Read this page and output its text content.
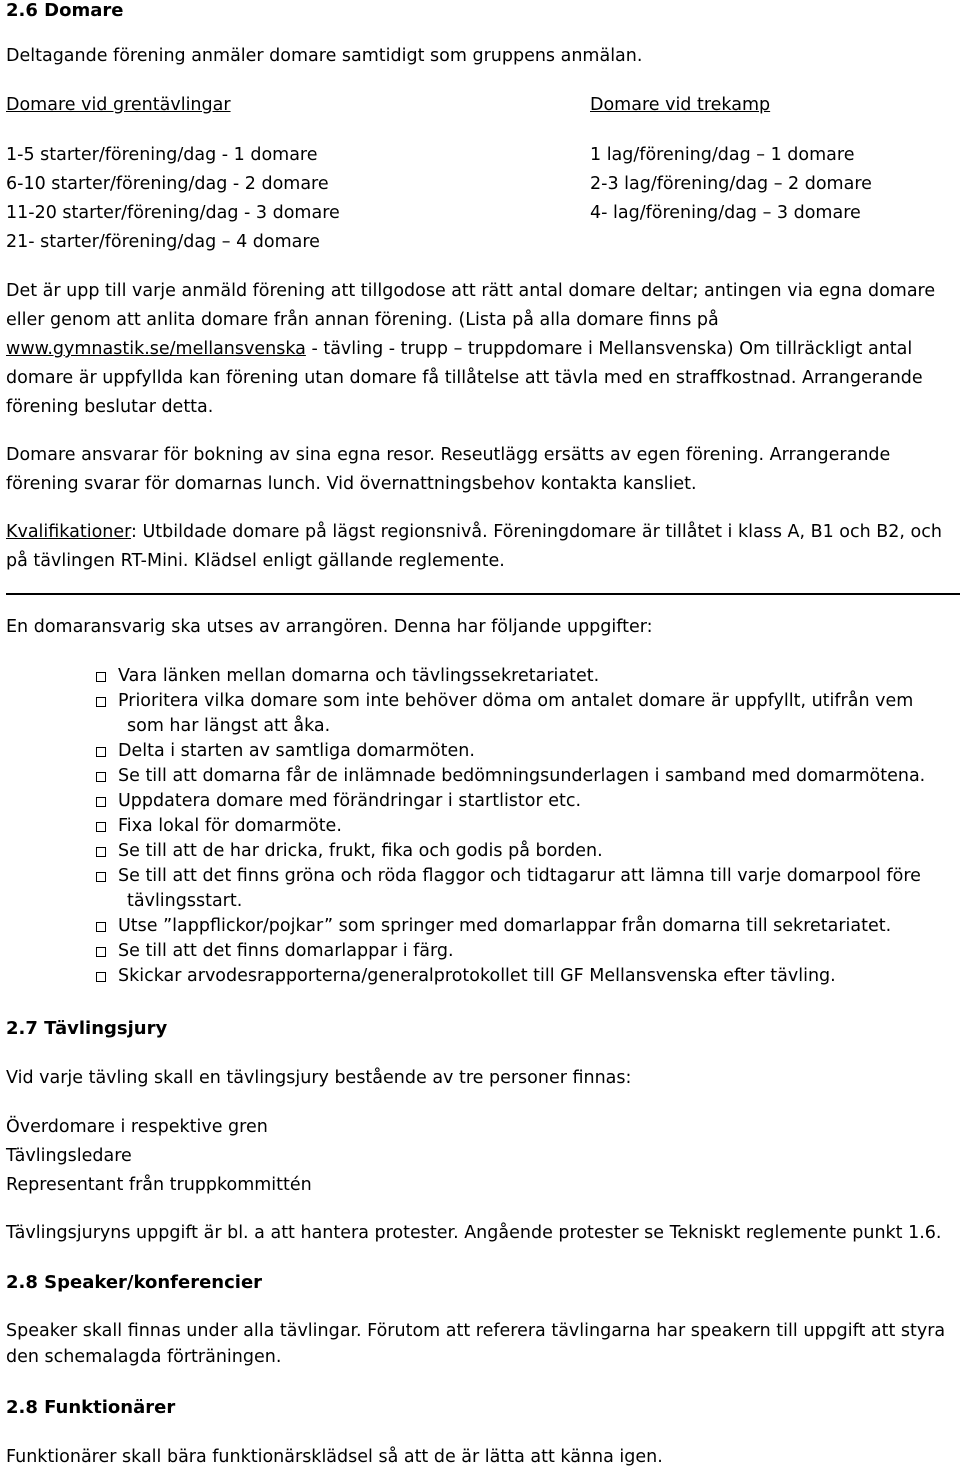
2.6 Domare
Deltagande förening anmäler domare samtidigt som gruppens anmälan.
Domare vid grentävlingar	Domare vid trekamp
1-5 starter/förening/dag - 1 domare
6-10 starter/förening/dag - 2 domare
11-20 starter/förening/dag - 3 domare
21- starter/förening/dag – 4 domare
1 lag/förening/dag – 1 domare
2-3 lag/förening/dag – 2 domare
4- lag/förening/dag – 3 domare
Det är upp till varje anmäld förening att tillgodose att rätt antal domare deltar; antingen via egna domare eller genom att anlita domare från annan förening. (Lista på alla domare finns på www.gymnastik.se/mellansvenska - tävling - trupp – truppdomare i Mellansvenska) Om tillräckligt antal domare är uppfyllda kan förening utan domare få tillåtelse att tävla med en straffkostnad. Arrangerande förening beslutar detta.
Domare ansvarar för bokning av sina egna resor. Reseutlägg ersätts av egen förening. Arrangerande förening svarar för domarnas lunch. Vid övernattningsbehov kontakta kansliet.
Kvalifikationer: Utbildade domare på lägst regionsnivå. Föreningdomare är tillåtet i klass A, B1 och B2, och på tävlingen RT-Mini. Klädsel enligt gällande reglemente.
En domaransvarig ska utses av arrangören. Denna har följande uppgifter:
Vara länken mellan domarna och tävlingssekretariatet.
Prioritera vilka domare som inte behöver döma om antalet domare är uppfyllt, utifrån vem
som har längst att åka.
Delta i starten av samtliga domarmöten.
Se till att domarna får de inlämnade bedömningsunderlagen i samband med domarmötena.
Uppdatera domare med förändringar i startlistor etc.
Fixa lokal för domarmöte.
Se till att de har dricka, frukt, fika och godis på borden.
Se till att det finns gröna och röda flaggor och tidtagarur att lämna till varje domarpool före
tävlingsstart.
Utse ”lappflickor/pojkar” som springer med domarlappar från domarna till sekretariatet.
Se till att det finns domarlappar i färg.
Skickar arvodesrapporterna/generalprotokollet till GF Mellansvenska efter tävling.
2.7 Tävlingsjury
Vid varje tävling skall en tävlingsjury bestående av tre personer finnas:
Överdomare i respektive gren
Tävlingsledare
Representant från truppkommittén
Tävlingsjuryns uppgift är bl. a att hantera protester. Angående protester se Tekniskt reglemente punkt 1.6.
2.8 Speaker/konferencier
Speaker skall finnas under alla tävlingar. Förutom att referera tävlingarna har speakern till uppgift att styra den schemalagda förträningen.
2.8 Funktionärer
Funktionärer skall bära funktionärsklädsel så att de är lätta att känna igen.
